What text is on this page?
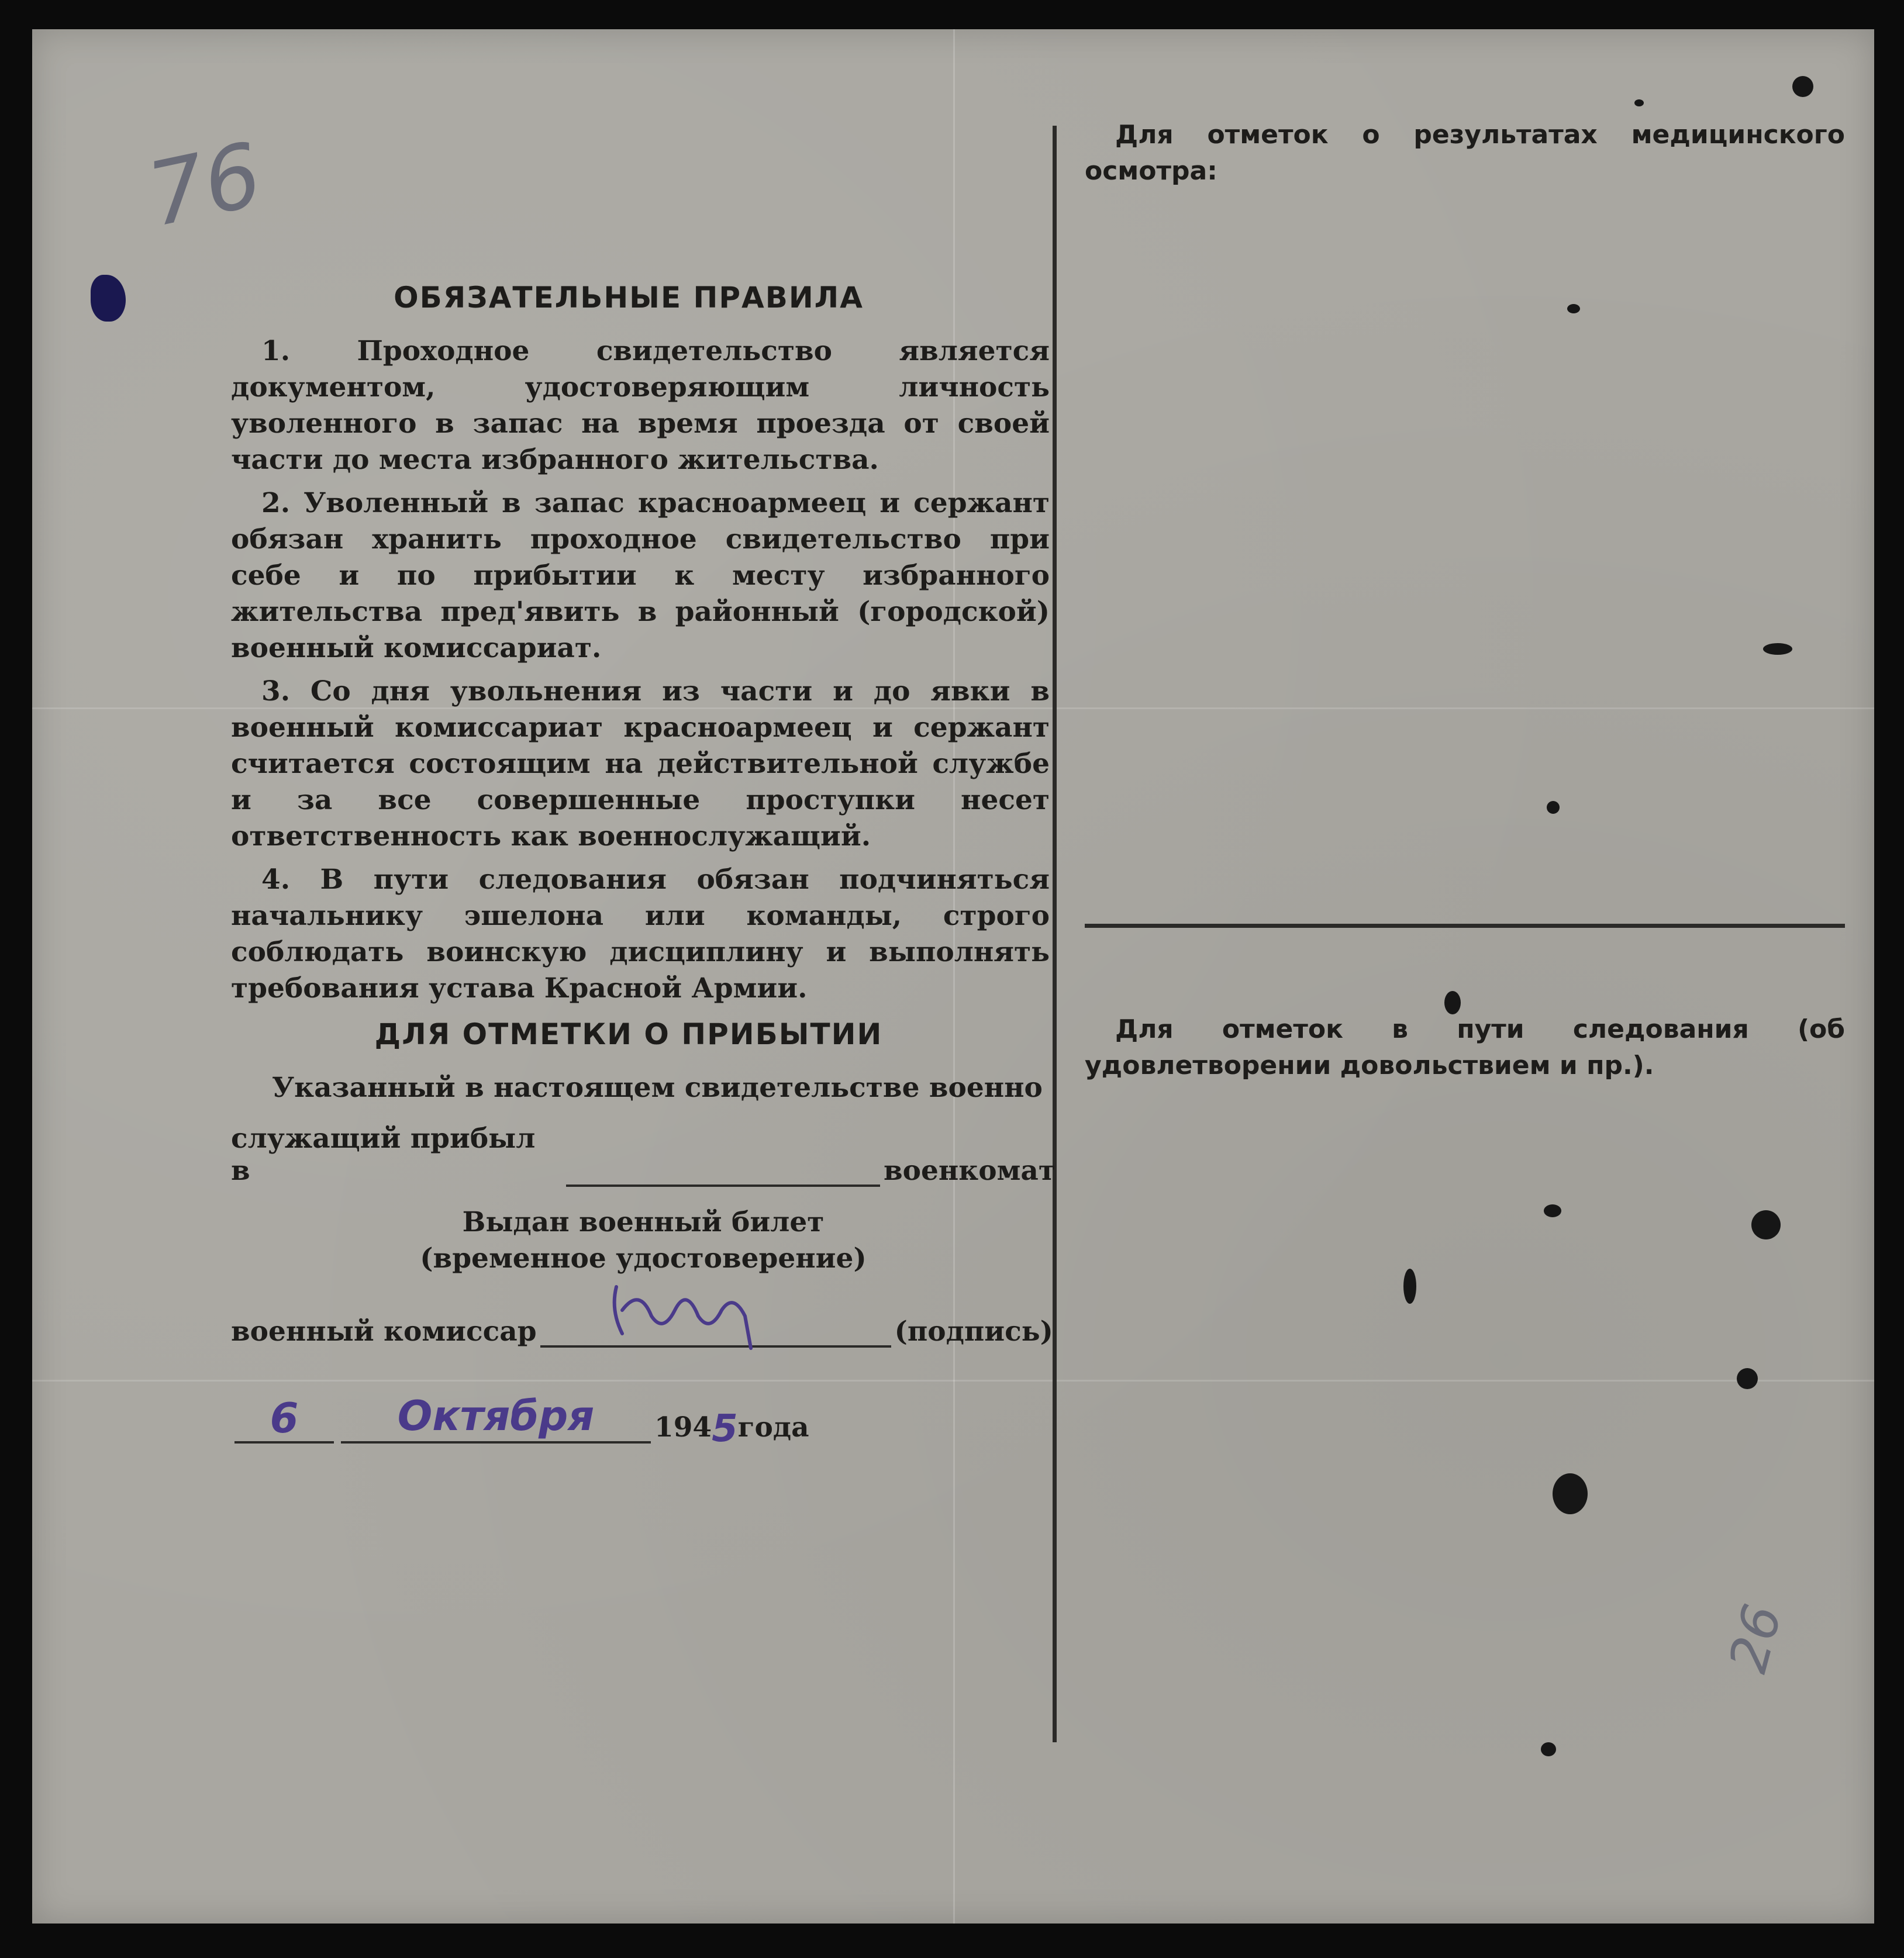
76
26
ОБЯЗАТЕЛЬНЫЕ ПРАВИЛА

1. Проходное свидетельство является документом, удостоверяющим личность уволенного в запас на время проезда от своей части до места избранного жительства.

2. Уволенный в запас красноармеец и сержант обязан хранить проходное свидетельство при себе и по прибытии к месту избранного жительства пред'явить в районный (городской) военный комиссариат.

3. Со дня увольнения из части и до явки в военный комиссариат красноармеец и сержант считается состоящим на действительной службе и за все совершенные проступки несет ответственность как военнослужащий.

4. В пути следования обязан подчиняться начальнику эшелона или команды, строго соблюдать воинскую дисциплину и выполнять требования устава Красной Армии.

ДЛЯ ОТМЕТКИ О ПРИБЫТИИ

Указанный в настоящем свидетельстве военно

служащий прибыл в	военкомат
Выдан военный билет
(временное удостоверение)
военный комиссар	(подпись)
6	Октября	194 5 года
Для отметок о результатах медицинского осмотра:
Для отметок в пути следования (об удовлетворении довольствием и пр.).
